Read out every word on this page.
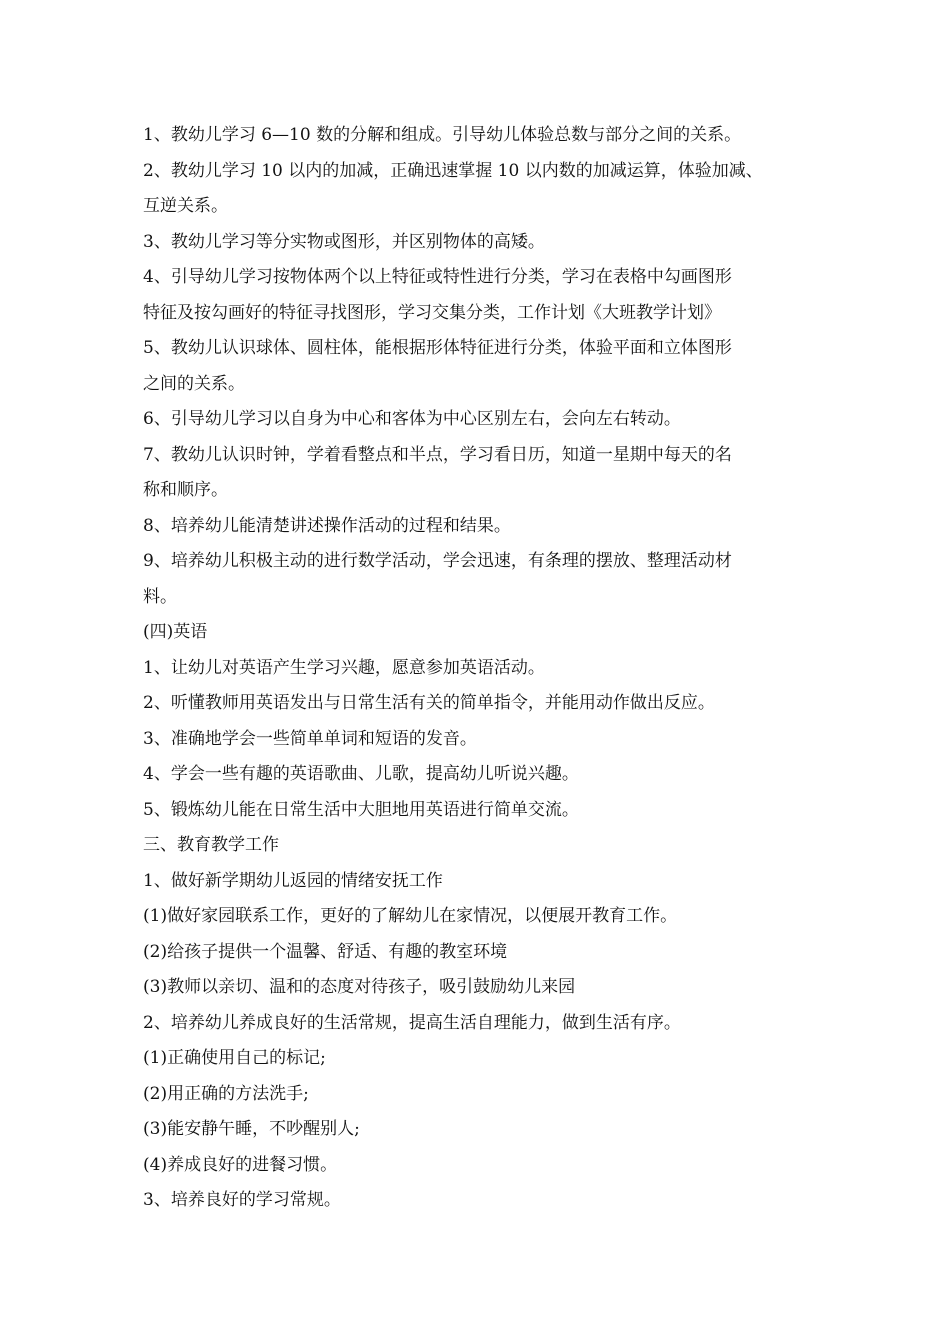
1、教幼儿学习 6—10 数的分解和组成。引导幼儿体验总数与部分之间的关系。
2、教幼儿学习 10 以内的加减，正确迅速掌握 10 以内数的加减运算，体验加减、
互逆关系。
3、教幼儿学习等分实物或图形，并区别物体的高矮。
4、引导幼儿学习按物体两个以上特征或特性进行分类，学习在表格中勾画图形
特征及按勾画好的特征寻找图形，学习交集分类，工作计划《大班教学计划》
5、教幼儿认识球体、圆柱体，能根据形体特征进行分类，体验平面和立体图形
之间的关系。
6、引导幼儿学习以自身为中心和客体为中心区别左右，会向左右转动。
7、教幼儿认识时钟，学着看整点和半点，学习看日历，知道一星期中每天的名
称和顺序。
8、培养幼儿能清楚讲述操作活动的过程和结果。
9、培养幼儿积极主动的进行数学活动，学会迅速，有条理的摆放、整理活动材
料。
(四)英语
1、让幼儿对英语产生学习兴趣，愿意参加英语活动。
2、听懂教师用英语发出与日常生活有关的简单指令，并能用动作做出反应。
3、准确地学会一些简单单词和短语的发音。
4、学会一些有趣的英语歌曲、儿歌，提高幼儿听说兴趣。
5、锻炼幼儿能在日常生活中大胆地用英语进行简单交流。
三、教育教学工作
1、做好新学期幼儿返园的情绪安抚工作
(1)做好家园联系工作，更好的了解幼儿在家情况，以便展开教育工作。
(2)给孩子提供一个温馨、舒适、有趣的教室环境
(3)教师以亲切、温和的态度对待孩子，吸引鼓励幼儿来园
2、培养幼儿养成良好的生活常规，提高生活自理能力，做到生活有序。
(1)正确使用自己的标记;
(2)用正确的方法洗手;
(3)能安静午睡，不吵醒别人;
(4)养成良好的进餐习惯。
3、培养良好的学习常规。
